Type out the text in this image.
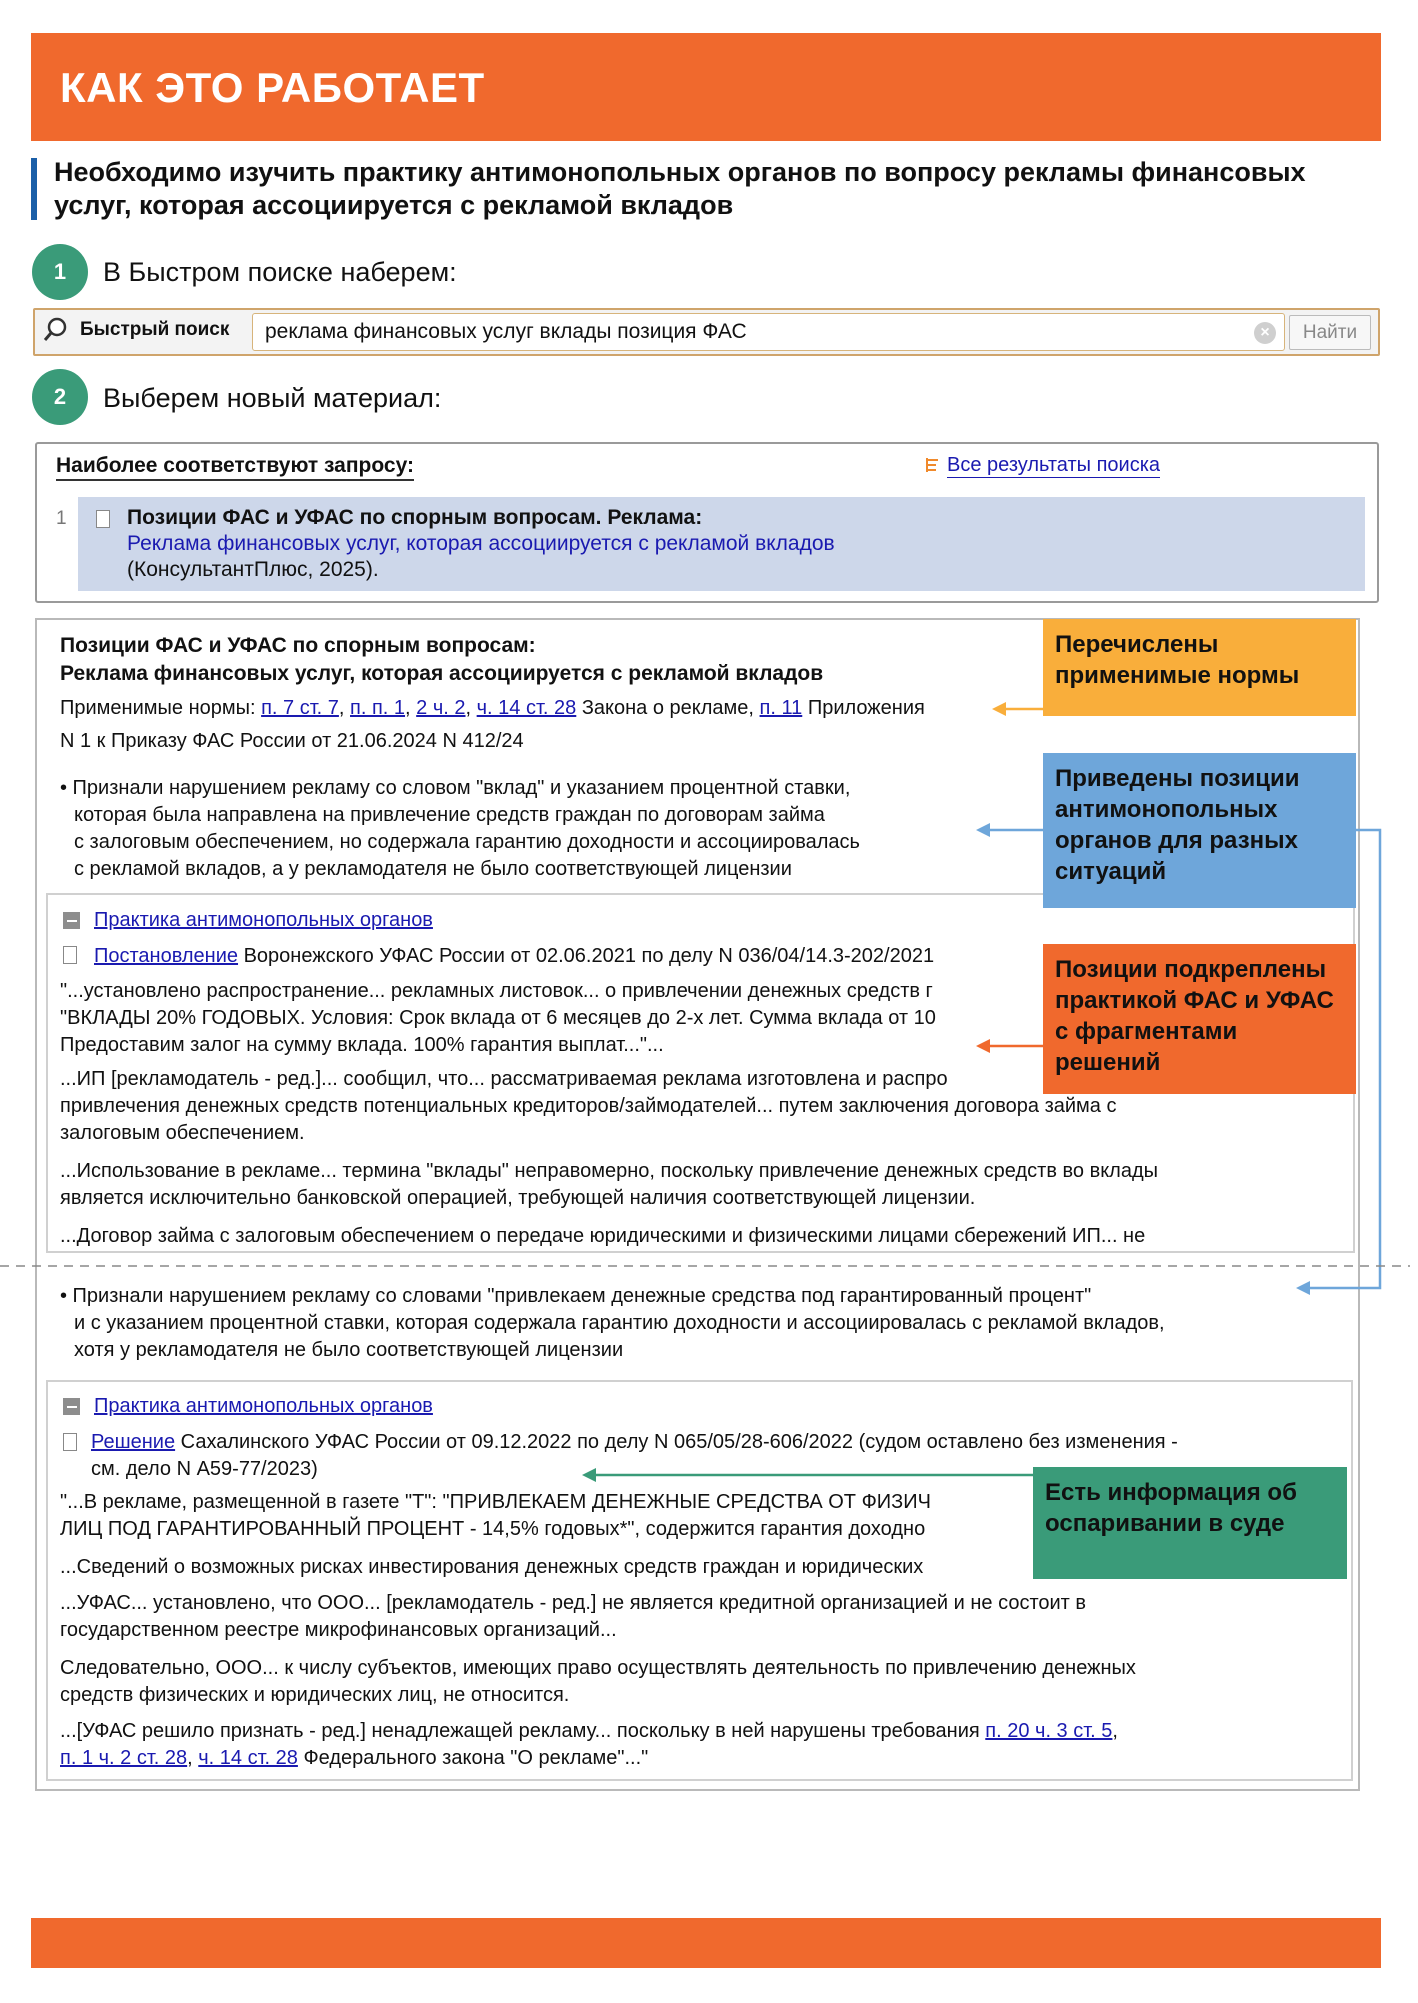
КАК ЭТО РАБОТАЕТ
Необходимо изучить практику антимонопольных органов по вопросу рекламы финансовых услуг, которая ассоциируется с рекламой вкладов
1	В Быстром поиске наберем:
Быстрый поиск реклама финансовых услуг вклады позиция ФАС	×	Найти
2	Выберем новый материал:
Наиболее соответствуют запросу:	Все результаты поиска
1	Позиции ФАС и УФАС по спорным вопросам. Реклама:
Реклама финансовых услуг, которая ассоциируется с рекламой вкладов
(КонсультантПлюс, 2025).
Позиции ФАС и УФАС по спорным вопросам:
Реклама финансовых услуг, которая ассоциируется с рекламой вкладов
Применимые нормы: п. 7 ст. 7, п. п. 1, 2 ч. 2, ч. 14 ст. 28 Закона о рекламе, п. 11 Приложения
N 1 к Приказу ФАС России от 21.06.2024 N 412/24
• Признали нарушением рекламу со словом "вклад" и указанием процентной ставки,
которая была направлена на привлечение средств граждан по договорам займа
с залоговым обеспечением, но содержала гарантию доходности и ассоциировалась
с рекламой вкладов, а у рекламодателя не было соответствующей лицензии
Практика антимонопольных органов
Постановление Воронежского УФАС России от 02.06.2021 по делу N 036/04/14.3-202/2021
"...установлено распространение... рекламных листовок... о привлечении денежных средств г
"ВКЛАДЫ 20% ГОДОВЫХ. Условия: Срок вклада от 6 месяцев до 2-х лет. Сумма вклада от 10
Предоставим залог на сумму вклада. 100% гарантия выплат..."...
...ИП [рекламодатель - ред.]... сообщил, что... рассматриваемая реклама изготовлена и распро
привлечения денежных средств потенциальных кредиторов/займодателей... путем заключения договора займа с
залоговым обеспечением.
...Использование в рекламе... термина "вклады" неправомерно, поскольку привлечение денежных средств во вклады
является исключительно банковской операцией, требующей наличия соответствующей лицензии.
...Договор займа с залоговым обеспечением о передаче юридическими и физическими лицами сбережений ИП... не
• Признали нарушением рекламу со словами "привлекаем денежные средства под гарантированный процент"
и с указанием процентной ставки, которая содержала гарантию доходности и ассоциировалась с рекламой вкладов,
хотя у рекламодателя не было соответствующей лицензии
Практика антимонопольных органов
Решение Сахалинского УФАС России от 09.12.2022 по делу N 065/05/28-606/2022 (судом оставлено без изменения -
см. дело N А59-77/2023)
"...В рекламе, размещенной в газете "Т": "ПРИВЛЕКАЕМ ДЕНЕЖНЫЕ СРЕДСТВА ОТ ФИЗИЧ
ЛИЦ ПОД ГАРАНТИРОВАННЫЙ ПРОЦЕНТ - 14,5% годовых*", содержится гарантия доходно
...Сведений о возможных рисках инвестирования денежных средств граждан и юридических
...УФАС... установлено, что ООО... [рекламодатель - ред.] не является кредитной организацией и не состоит в
государственном реестре микрофинансовых организаций...
Следовательно, ООО... к числу субъектов, имеющих право осуществлять деятельность по привлечению денежных
средств физических и юридических лиц, не относится.
...[УФАС решило признать - ред.] ненадлежащей рекламу... поскольку в ней нарушены требования п. 20 ч. 3 ст. 5,
п. 1 ч. 2 ст. 28, ч. 14 ст. 28 Федерального закона "О рекламе"..."
Перечислены применимые нормы
Приведены позиции антимонопольных органов для разных ситуаций
Позиции подкреплены практикой ФАС и УФАС с фрагментами решений
Есть информация об оспаривании в суде
